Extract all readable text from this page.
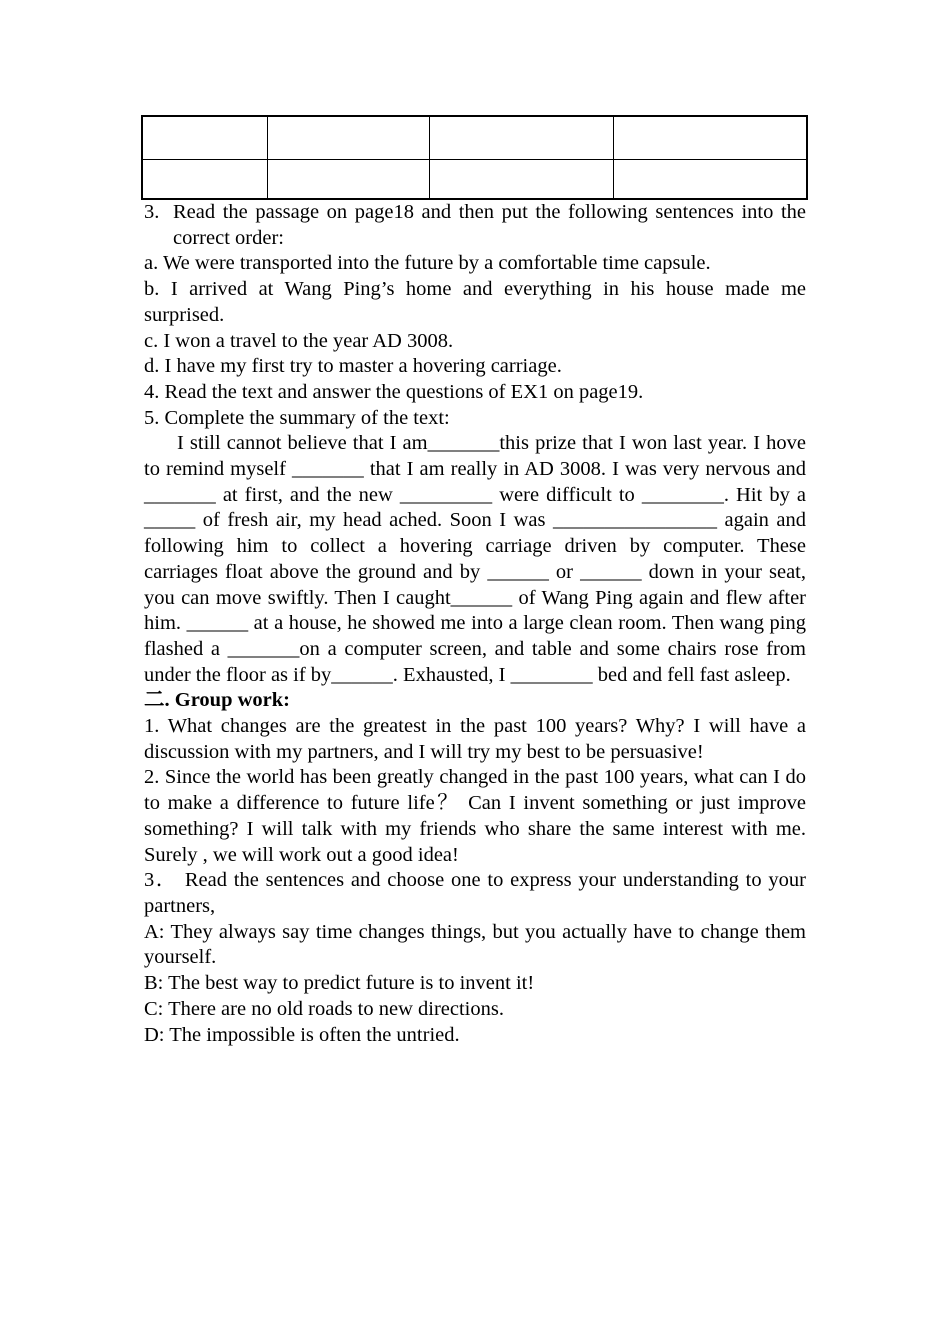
3. Read the passage on page18 and then put the following sentences into the correct order:

a. We were transported into the future by a comfortable time capsule.

b. I arrived at Wang Ping’s home and everything in his house made me surprised.

c. I won a travel to the year AD 3008.

d. I have my first try to master a hovering carriage.

4. Read the text and answer the questions of EX1 on page19.

5. Complete the summary of the text:

I still cannot believe that I am_______this prize that I won last year. I hove to remind myself _______ that I am really in AD 3008. I was very nervous and _______ at first, and the new _________ were difficult to ________. Hit by a _____ of fresh air, my head ached. Soon I was ________________ again and following him to collect a hovering carriage driven by computer. These carriages float above the ground and by ______ or ______ down in your seat, you can move swiftly. Then I caught______ of Wang Ping again and flew after him. ______ at a house, he showed me into a large clean room. Then wang ping flashed a _______on a computer screen, and table and some chairs rose from under the floor as if by______. Exhausted, I ________ bed and fell fast asleep.

二. Group work:

1. What changes are the greatest in the past 100 years? Why? I will have a discussion with my partners, and I will try my best to be persuasive!

2. Since the world has been greatly changed in the past 100 years, what can I do to make a difference to future life？ Can I invent something or just improve something? I will talk with my friends who share the same interest with me. Surely , we will work out a good idea!

3． Read the sentences and choose one to express your understanding to your partners,

A: They always say time changes things, but you actually have to change them yourself.

B: The best way to predict future is to invent it!

C: There are no old roads to new directions.

D: The impossible is often the untried.
